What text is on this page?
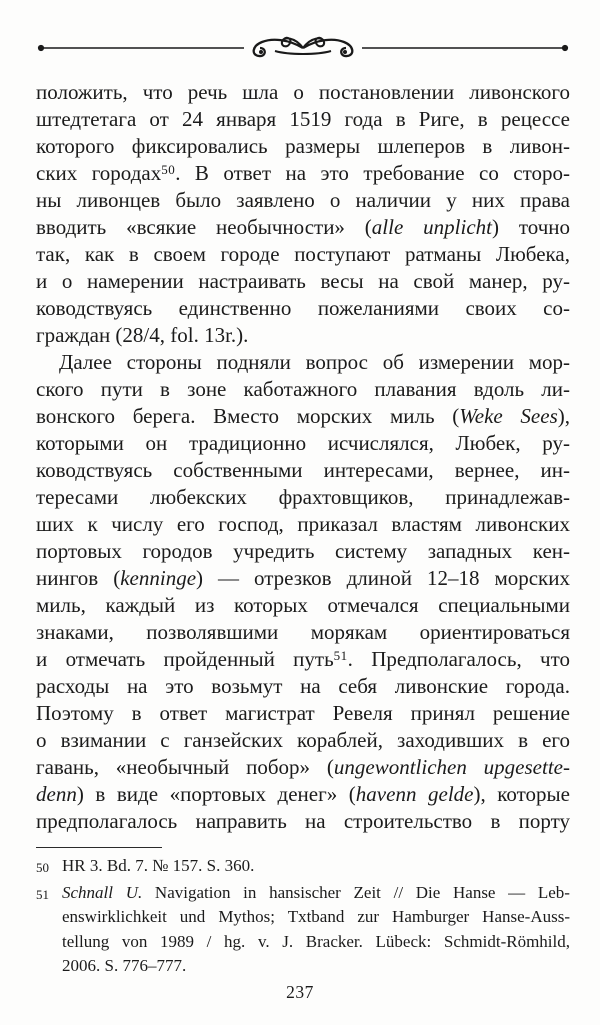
положить, что речь шла о постановлении ливонского
штедтетага от 24 января 1519 года в Риге, в рецессе
которого фиксировались размеры шлеперов в ливон-
ских городах$^{50}$. В ответ на это требование со сторо-
ны ливонцев было заявлено о наличии у них права
вводить «всякие необычности» (alle unplicht) точно
так, как в своем городе поступают ратманы Любека,
и о намерении настраивать весы на свой манер, ру-
ководствуясь единственно пожеланиями своих со-
граждан (28/4, fol. 13r.).
Далее стороны подняли вопрос об измерении мор-
ского пути в зоне каботажного плавания вдоль ли-
вонского берега. Вместо морских миль (Weke Sees),
которыми он традиционно исчислялся, Любек, ру-
ководствуясь собственными интересами, вернее, ин-
тересами любекских фрахтовщиков, принадлежав-
ших к числу его господ, приказал властям ливонских
портовых городов учредить систему западных кен-
нингов (kenninge) — отрезков длиной 12–18 морских
миль, каждый из которых отмечался специальными
знаками, позволявшими морякам ориентироваться
и отмечать пройденный путь$^{51}$. Предполагалось, что
расходы на это возьмут на себя ливонские города.
Поэтому в ответ магистрат Ревеля принял решение
о взимании с ганзейских кораблей, заходивших в его
гавань, «необычный побор» (ungewontlichen upgesette-
denn) в виде «портовых денег» (havenn gelde), которые
предполагалось направить на строительство в порту
50 HR 3. Bd. 7. № 157. S. 360.
51 Schnall U. Navigation in hansischer Zeit // Die Hanse — Leb-
enswirklichkeit und Mythos; Txtband zur Hamburger Hanse-Auss-
tellung von 1989 / hg. v. J. Bracker. Lübeck: Schmidt-Römhild,
2006. S. 776–777.
237
